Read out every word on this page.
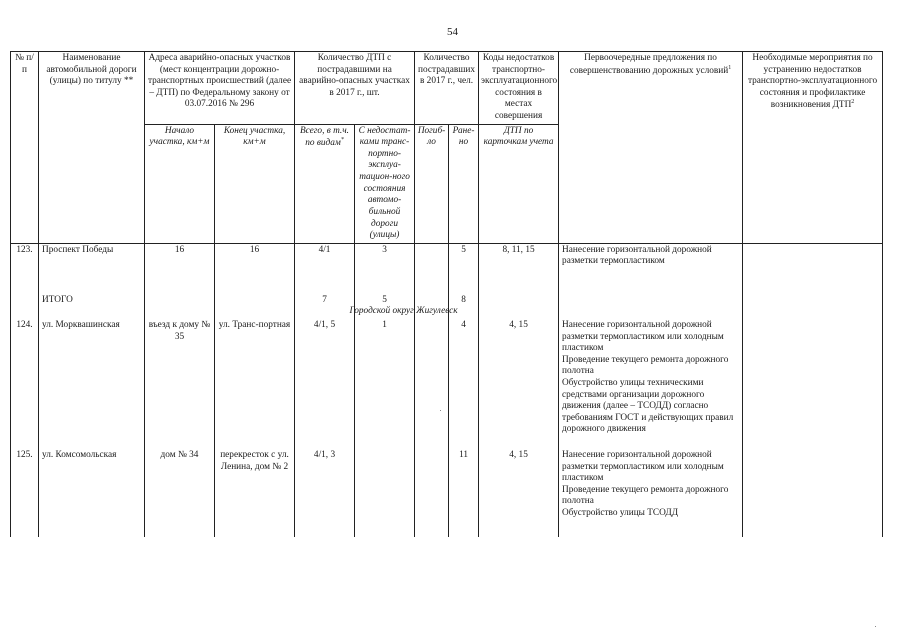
54
№ п/п	Наименование автомобильной дороги (улицы) по титулу **	Адреса аварийно-опасных участков (мест концентрации дорожно-транспортных происшествий (далее – ДТП) по Федеральному закону от 03.07.2016 № 296		Количество ДТП с пострадавшими на аварийно-опасных участках в 2017 г., шт.		Количество пострадавших в 2017 г., чел.		Коды недостатков транспортно-эксплуатационного состояния в местах совершения	Первоочередные предложения по совершенствованию дорожных условий$^1$	Необходимые мероприятия по устранению недостатков транспортно-эксплуатационного состояния и профилактике возникновения ДТП$^2$
		Начало участка, км+м	Конец участка, км+м	Всего, в т.ч. по видам*	С недостат-ками транс-портно-эксплуа-тацион-ного состояния автомо-бильной дороги (улицы)	Погиб-ло	Ране-но	ДТП по карточкам учета		
123.	Проспект Победы	16	16	4/1	3		5	8, 11, 15	Нанесение горизонтальной дорожной разметки термопластиком	

	ИТОГО			7	5		8
Городской округ Жигулевск			

124.	ул. Морквашинская	въезд к дому № 35	ул. Транс-портная	4/1, 5	1		4	4, 15	Нанесение горизонтальной дорожной разметки термопластиком или холодным пластиком
Проведение текущего ремонта дорожного полотна
Обустройство улицы техническими средствами организации дорожного движения (далее – ТСОДД) согласно требованиям ГОСТ и действующих правил дорожного движения	

125.	ул. Комсомольская	дом № 34	перекресток с ул. Ленина, дом № 2	4/1, 3			11	4, 15	Нанесение горизонтальной дорожной разметки термопластиком или холодным пластиком
Проведение текущего ремонта дорожного полотна
Обустройство улицы ТСОДД	
